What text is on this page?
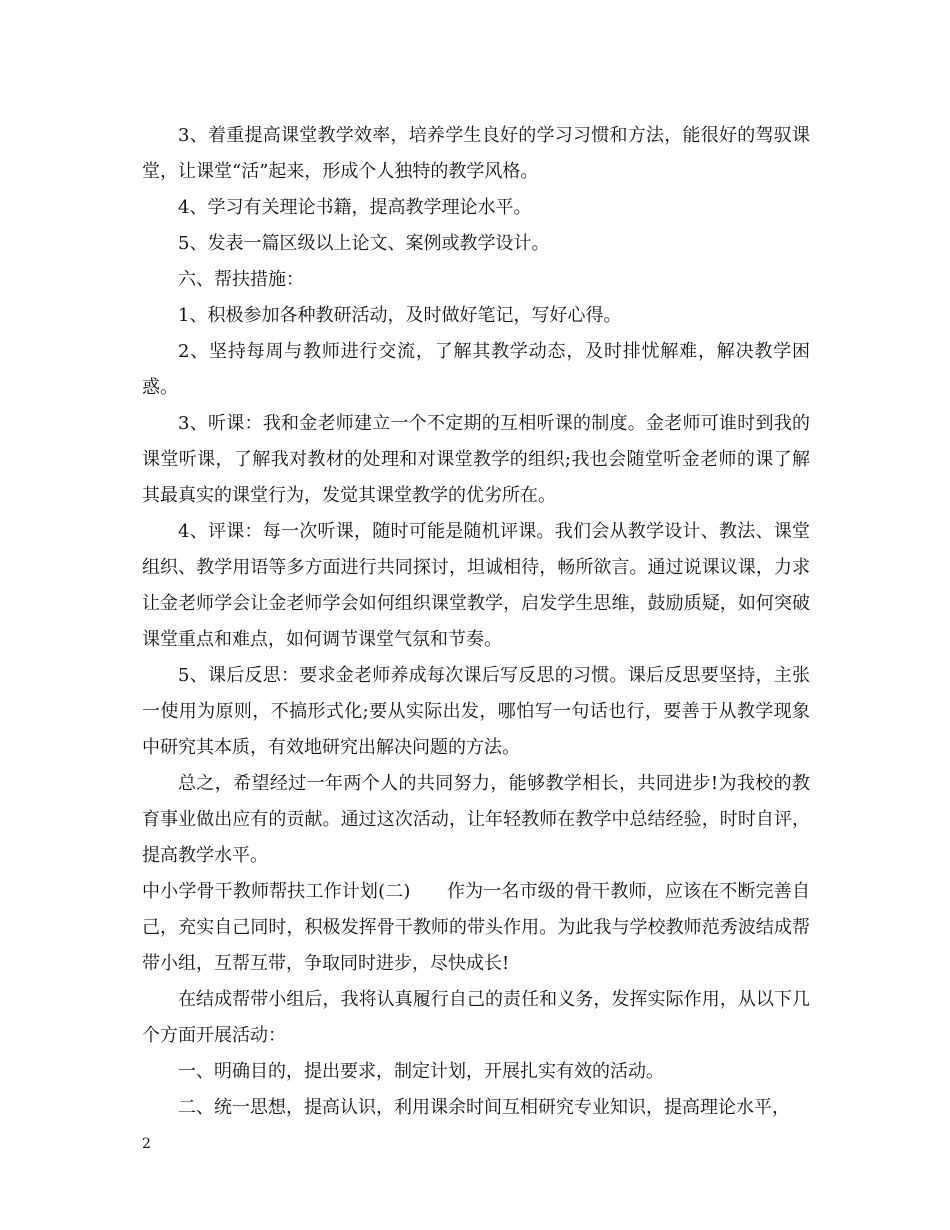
3、着重提高课堂教学效率，培养学生良好的学习习惯和方法，能很好的驾驭课堂，让课堂“活”起来，形成个人独特的教学风格。

4、学习有关理论书籍，提高教学理论水平。

5、发表一篇区级以上论文、案例或教学设计。

六、帮扶措施：

1、积极参加各种教研活动，及时做好笔记，写好心得。

2、坚持每周与教师进行交流，了解其教学动态，及时排忧解难，解决教学困惑。

3、听课：我和金老师建立一个不定期的互相听课的制度。金老师可谁时到我的课堂听课，了解我对教材的处理和对课堂教学的组织;我也会随堂听金老师的课了解其最真实的课堂行为，发觉其课堂教学的优劣所在。

4、评课：每一次听课，随时可能是随机评课。我们会从教学设计、教法、课堂组织、教学用语等多方面进行共同探讨，坦诚相待，畅所欲言。通过说课议课，力求让金老师学会让金老师学会如何组织课堂教学，启发学生思维，鼓励质疑，如何突破课堂重点和难点，如何调节课堂气氛和节奏。

5、课后反思：要求金老师养成每次课后写反思的习惯。课后反思要坚持，主张一使用为原则，不搞形式化;要从实际出发，哪怕写一句话也行，要善于从教学现象中研究其本质，有效地研究出解决问题的方法。

总之，希望经过一年两个人的共同努力，能够教学相长，共同进步!为我校的教育事业做出应有的贡献。通过这次活动，让年轻教师在教学中总结经验，时时自评，提高教学水平。

中小学骨干教师帮扶工作计划(二)　　作为一名市级的骨干教师，应该在不断完善自己，充实自己同时，积极发挥骨干教师的带头作用。为此我与学校教师范秀波结成帮带小组，互帮互带，争取同时进步，尽快成长!

在结成帮带小组后，我将认真履行自己的责任和义务，发挥实际作用，从以下几个方面开展活动：

一、明确目的，提出要求，制定计划，开展扎实有效的活动。

二、统一思想，提高认识，利用课余时间互相研究专业知识，提高理论水平，

2
